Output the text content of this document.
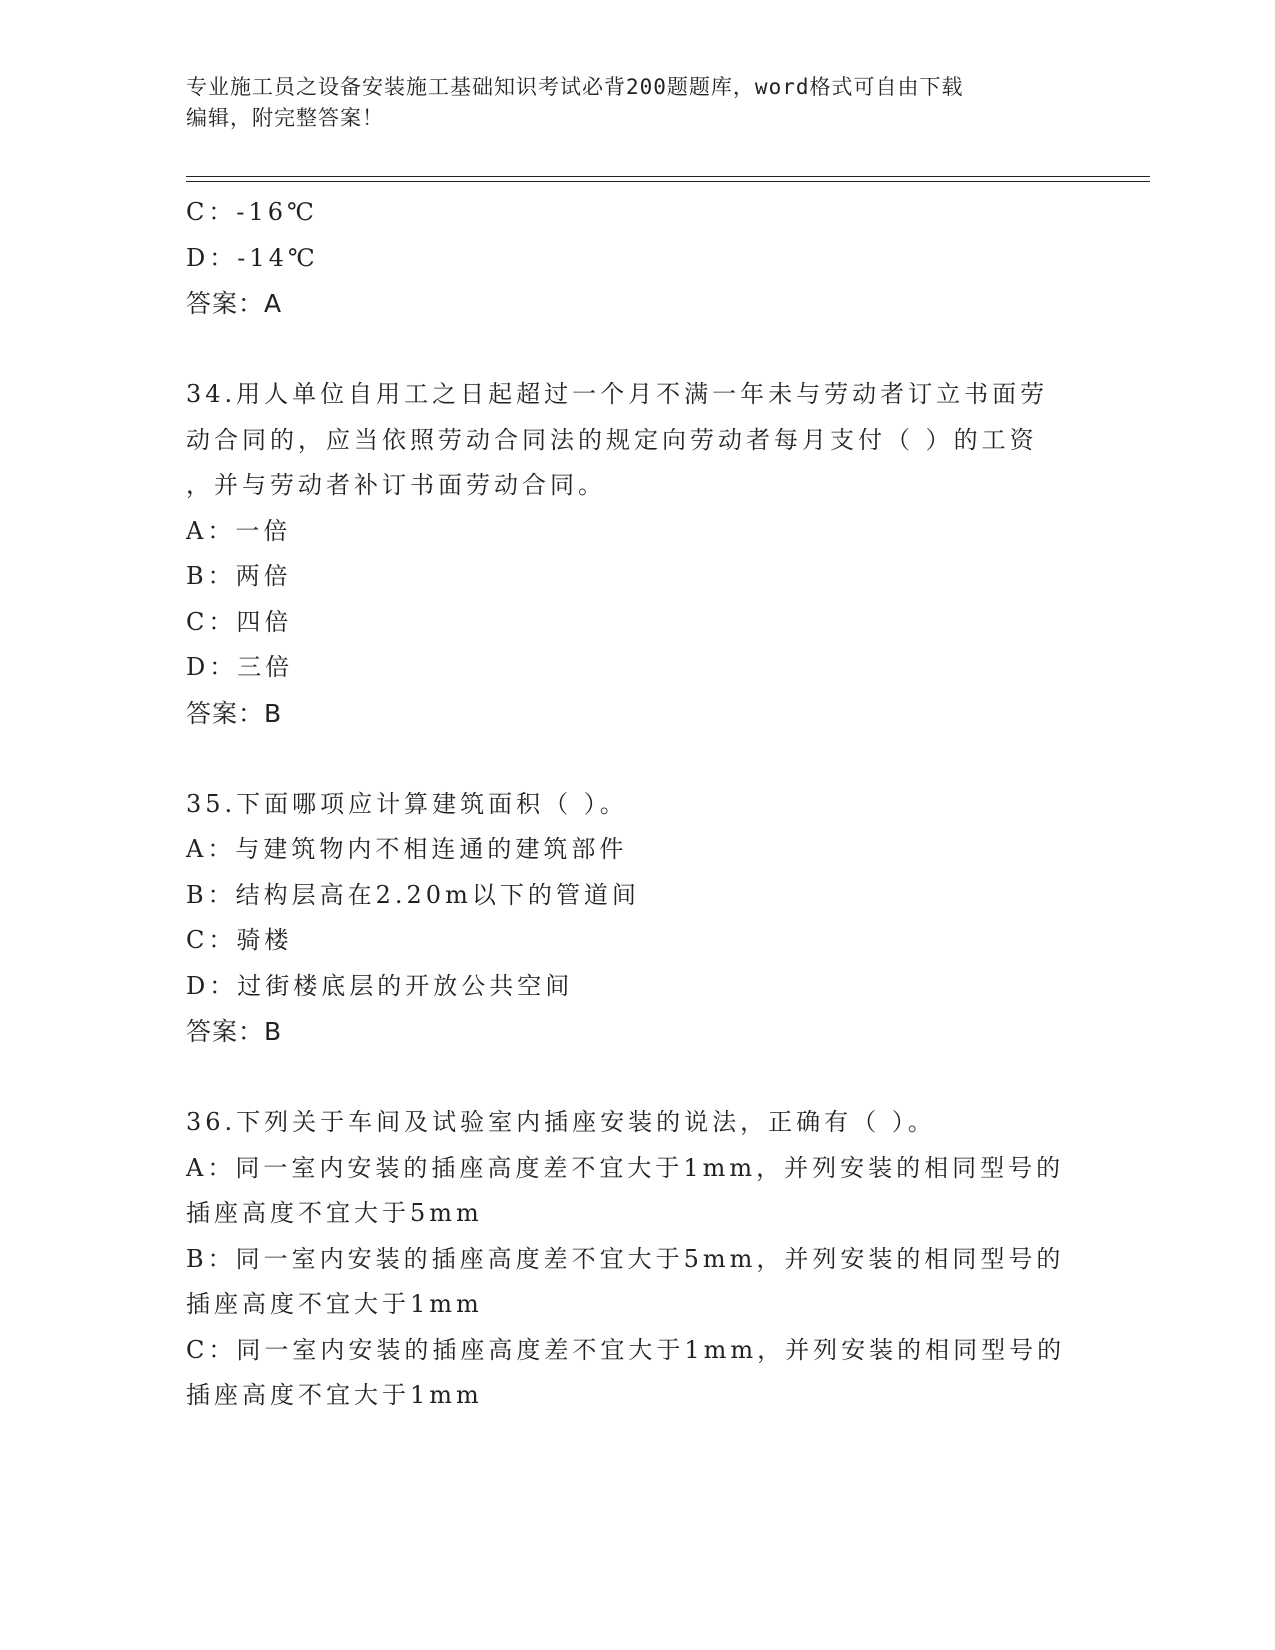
专业施工员之设备安装施工基础知识考试必背200题题库，word格式可自由下载
编辑，附完整答案！
C：-16℃
D：-14℃
答案：A
34.用人单位自用工之日起超过一个月不满一年未与劳动者订立书面劳
动合同的，应当依照劳动合同法的规定向劳动者每月支付（ ）的工资
，并与劳动者补订书面劳动合同。
A：一倍
B：两倍
C：四倍
D：三倍
答案：B
35.下面哪项应计算建筑面积（ ）。
A：与建筑物内不相连通的建筑部件
B：结构层高在2.20m以下的管道间
C：骑楼
D：过街楼底层的开放公共空间
答案：B
36.下列关于车间及试验室内插座安装的说法，正确有（ ）。
A：同一室内安装的插座高度差不宜大于1mm，并列安装的相同型号的
插座高度不宜大于5mm
B：同一室内安装的插座高度差不宜大于5mm，并列安装的相同型号的
插座高度不宜大于1mm
C：同一室内安装的插座高度差不宜大于1mm，并列安装的相同型号的
插座高度不宜大于1mm
